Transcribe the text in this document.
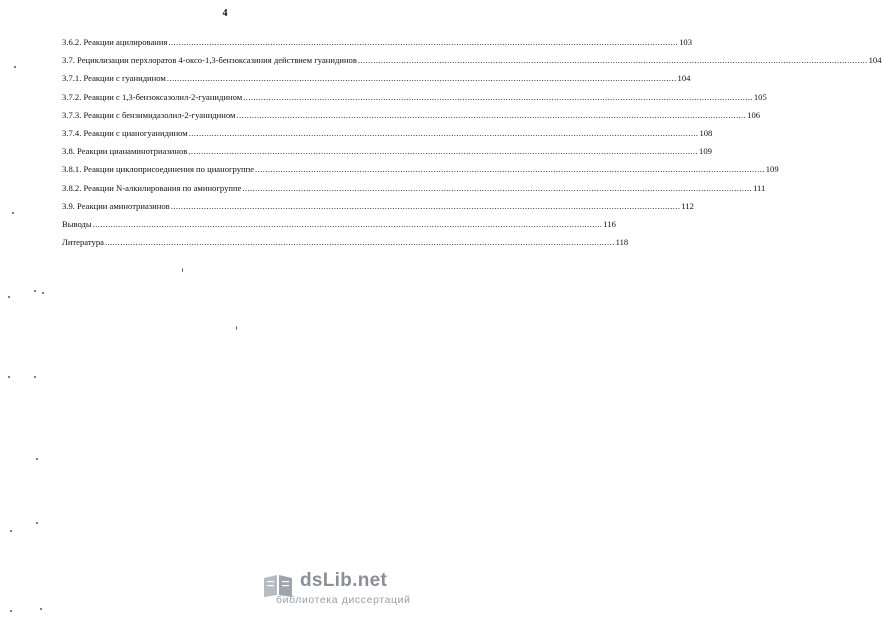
4
3.6.2. Реакции ацилирования ........................................................................................................................................................................................................ 103
3.7. Рециклизации перхлоратов 4-оксо-1,3-бензоксазиния действием гуанидинов ........................................................................................................................................................................................................ 104
3.7.1. Реакции с гуанидином ........................................................................................................................................................................................................ 104
3.7.2. Реакции с 1,3-бензоксазолил-2-гуанидином ........................................................................................................................................................................................................ 105
3.7.3. Реакции с бензимидазолил-2-гуанидином ........................................................................................................................................................................................................ 106
3.7.4. Реакции с цианогуанидином ........................................................................................................................................................................................................ 108
3.8. Реакции цианаминотриазинов ........................................................................................................................................................................................................ 109
3.8.1. Реакции циклоприсоединения по цианогруппе ........................................................................................................................................................................................................ 109
3.8.2. Реакции N-алкилирования по аминогруппе ........................................................................................................................................................................................................ 111
3.9. Реакции аминотриазинов ........................................................................................................................................................................................................ 112
Выводы ........................................................................................................................................................................................................ 116
Литература ........................................................................................................................................................................................................ 118
dsLib.net
библиотека диссертаций
